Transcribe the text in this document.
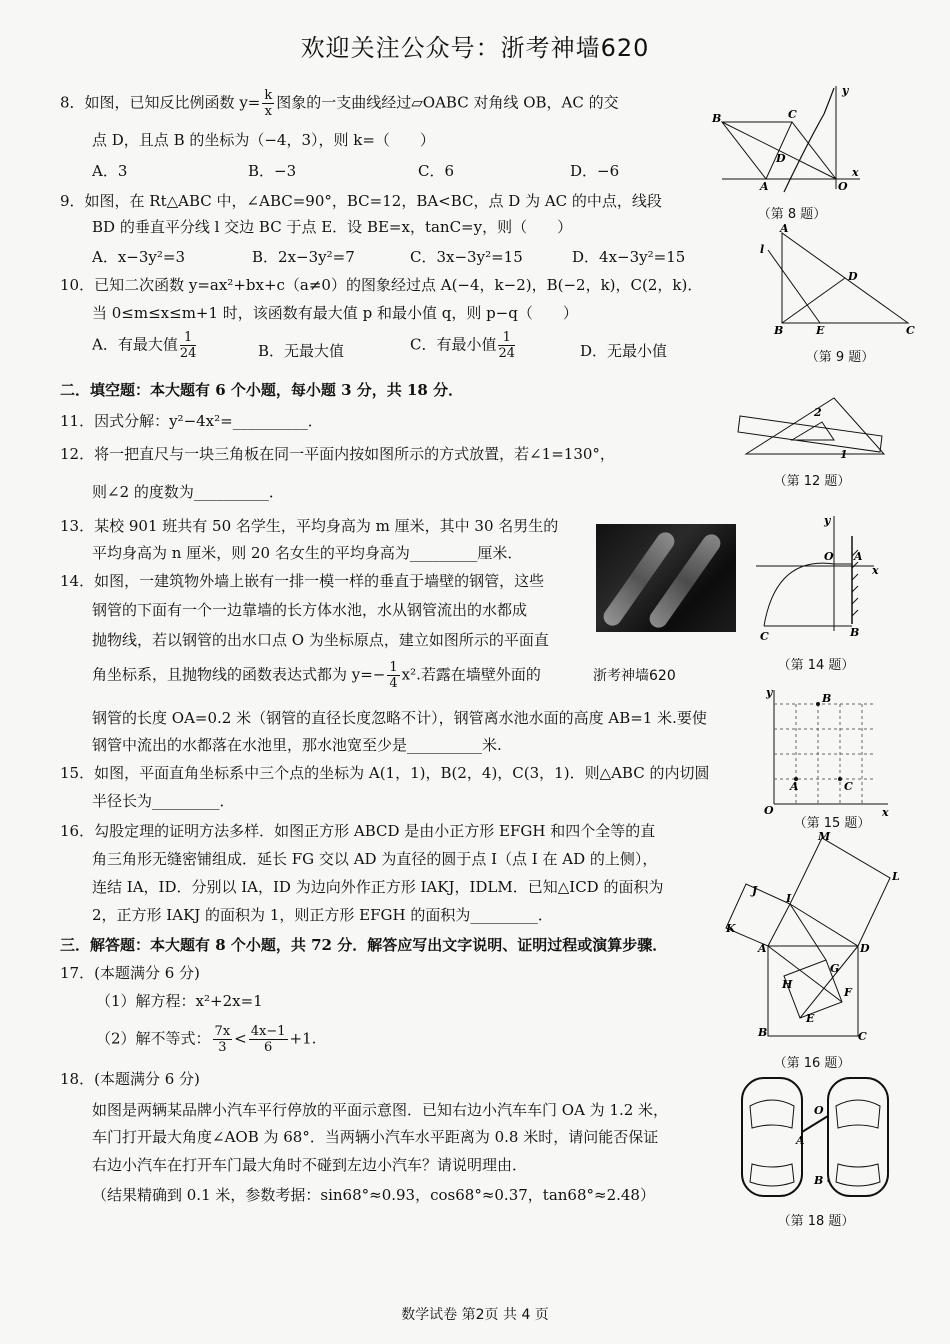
欢迎关注公众号：浙考神墙620
8．如图，已知反比例函数 $y= \frac{k}{x}$ 图象的一支曲线经过▱OABC 对角线 OB，AC 的交
点 D，且点 B 的坐标为（−4，3），则 k=（　　）
A．3	B．−3	C．6	D．−6
9．如图，在 Rt△ABC 中，∠ABC=90°，BC=12，BA<BC，点 D 为 AC 的中点，线段
BD 的垂直平分线 l 交边 BC 于点 E．设 BE=x，tanC=y，则（　　）
A．x−3y²=3	B．2x−3y²=7	C．3x−3y²=15	D．4x−3y²=15
10．已知二次函数 y=ax²+bx+c（a≠0）的图象经过点 A(−4，k−2)，B(−2，k)，C(2，k)．
当 0≤m≤x≤m+1 时，该函数有最大值 p 和最小值 q，则 p−q（　　）
A．有最大值 $\frac{1}{24}$	B．无最大值	C．有最小值 $\frac{1}{24}$	D．无最小值
二．填空题：本大题有 6 个小题，每小题 3 分，共 18 分．
11．因式分解：y²−4x²=__________．
12．将一把直尺与一块三角板在同一平面内按如图所示的方式放置，若∠1=130°，
则∠2 的度数为__________．
13．某校 901 班共有 50 名学生，平均身高为 m 厘米，其中 30 名男生的
平均身高为 n 厘米，则 20 名女生的平均身高为_________厘米．
14．如图，一建筑物外墙上嵌有一排一模一样的垂直于墙壁的钢管，这些
钢管的下面有一个一边靠墙的长方体水池，水从钢管流出的水都成
抛物线，若以钢管的出水口点 O 为坐标原点，建立如图所示的平面直
角坐标系，且抛物线的函数表达式都为 $y=- \frac{1}{4} x^2$.若露在墙壁外面的	浙考神墙620
钢管的长度 OA=0.2 米（钢管的直径长度忽略不计），钢管离水池水面的高度 AB=1 米.要使
钢管中流出的水都落在水池里，那水池宽至少是__________米.
15．如图，平面直角坐标系中三个点的坐标为 A(1，1)，B(2，4)，C(3，1)．则△ABC 的内切圆
半径长为_________．
16．勾股定理的证明方法多样．如图正方形 ABCD 是由小正方形 EFGH 和四个全等的直
角三角形无缝密铺组成．延长 FG 交以 AD 为直径的圆于点 I（点 I 在 AD 的上侧），
连结 IA，ID．分别以 IA，ID 为边向外作正方形 IAKJ，IDLM．已知△ICD 的面积为
2，正方形 IAKJ 的面积为 1，则正方形 EFGH 的面积为_________．
三．解答题：本大题有 8 个小题，共 72 分．解答应写出文字说明、证明过程或演算步骤．
17．(本题满分 6 分)
（1）解方程：x²+2x=1
（2）解不等式： $\frac{7x}{3} < \frac{4x-1}{6} +1$.
18．(本题满分 6 分)
如图是两辆某品牌小汽车平行停放的平面示意图．已知右边小汽车车门 OA 为 1.2 米，
车门打开最大角度∠AOB 为 68°．当两辆小汽车水平距离为 0.8 米时，请问能否保证
右边小汽车在打开车门最大角时不碰到左边小汽车？请说明理由．
（结果精确到 0.1 米，参数考据：sin68°≈0.93，cos68°≈0.37，tan68°≈2.48）
B	C
D
A	O
y
x
（第 8 题）
A
l
D
B	E	C
（第 9 题）
2
1
（第 12 题）
O A
B
C
y
x
（第 14 题）
A
B
C
y
O	x
（第 15 题）
I
J
K
A	D
M
L
G
H
F
E
B	C
（第 16 题）
O
A
B
（第 18 题）
数学试卷 第2页 共 4 页
